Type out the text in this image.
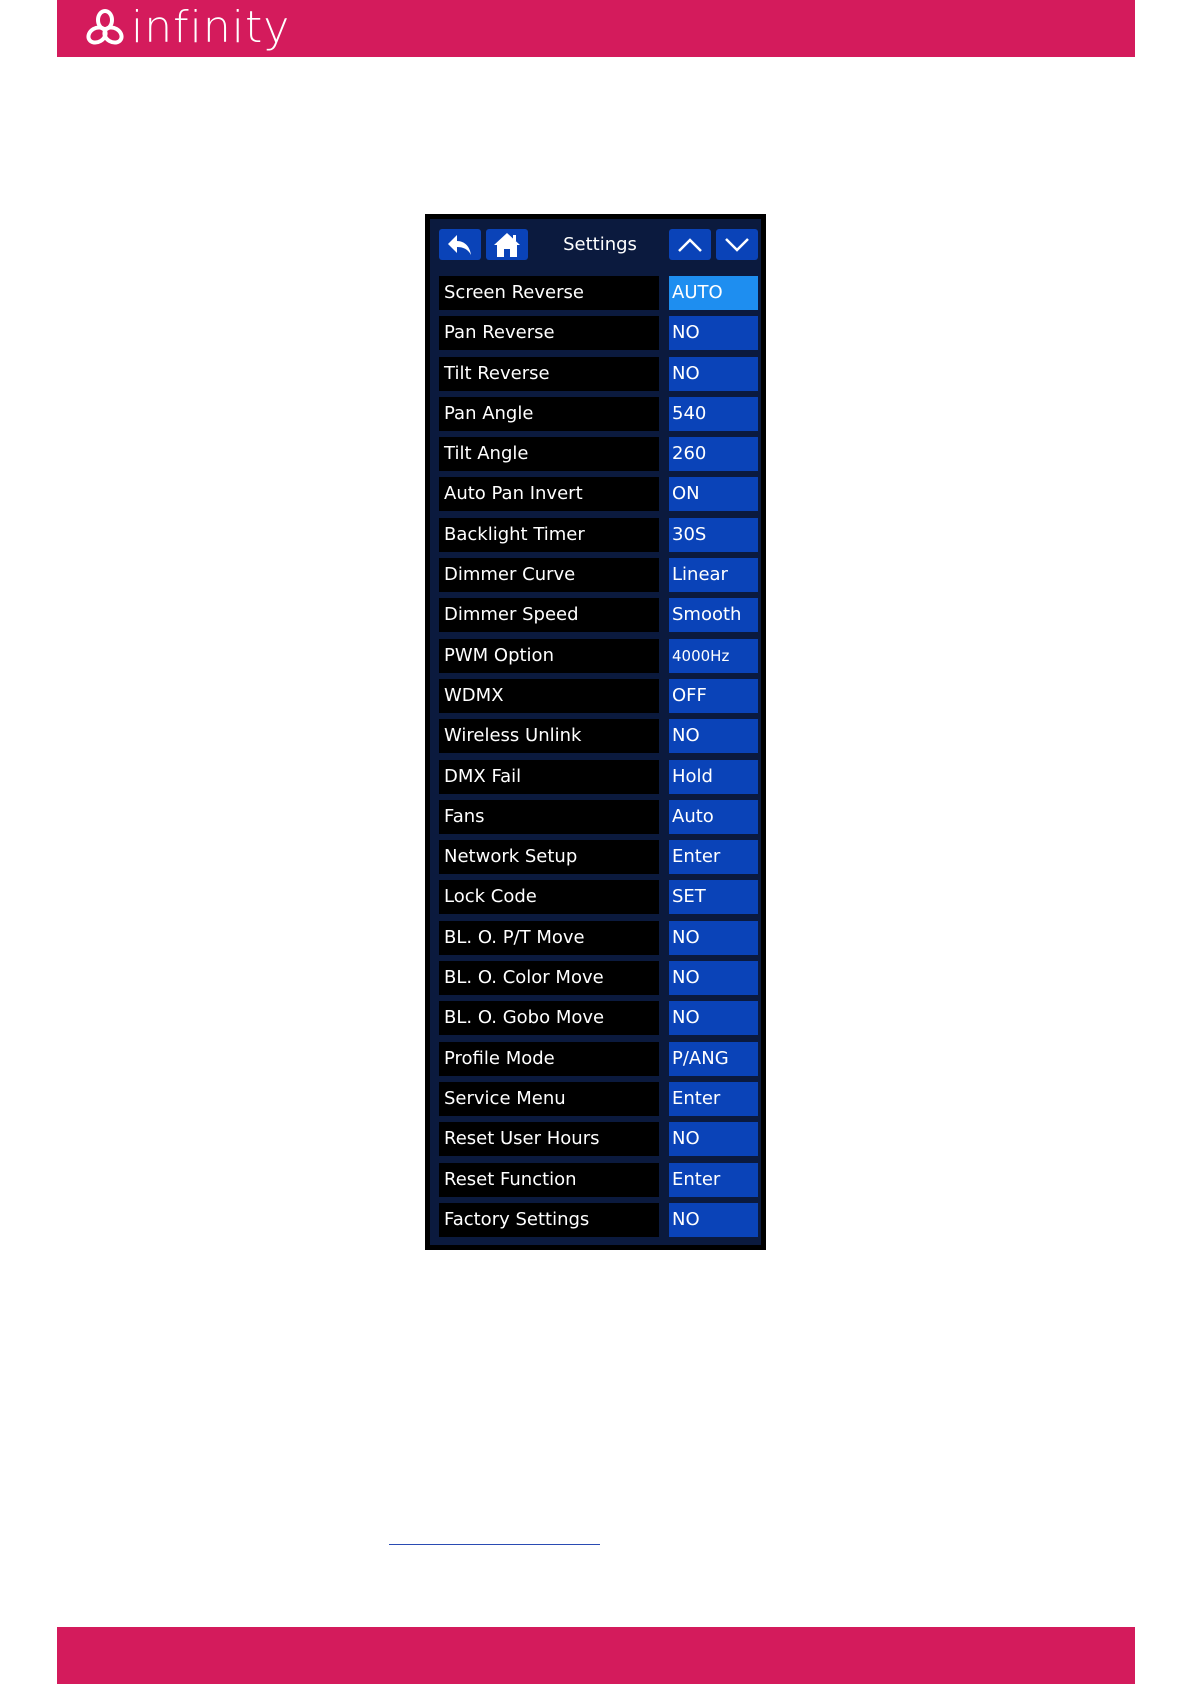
infinity
Settings
Screen Reverse	AUTO
Pan Reverse	NO
Tilt Reverse	NO
Pan Angle	540
Tilt Angle	260
Auto Pan Invert	ON
Backlight Timer	30S
Dimmer Curve	Linear
Dimmer Speed	Smooth
PWM Option	4000Hz
WDMX	OFF
Wireless Unlink	NO
DMX Fail	Hold
Fans	Auto
Network Setup	Enter
Lock Code	SET
BL. O. P/T Move	NO
BL. O. Color Move	NO
BL. O. Gobo Move	NO
Profile Mode	P/ANG
Service Menu	Enter
Reset User Hours	NO
Reset Function	Enter
Factory Settings	NO
